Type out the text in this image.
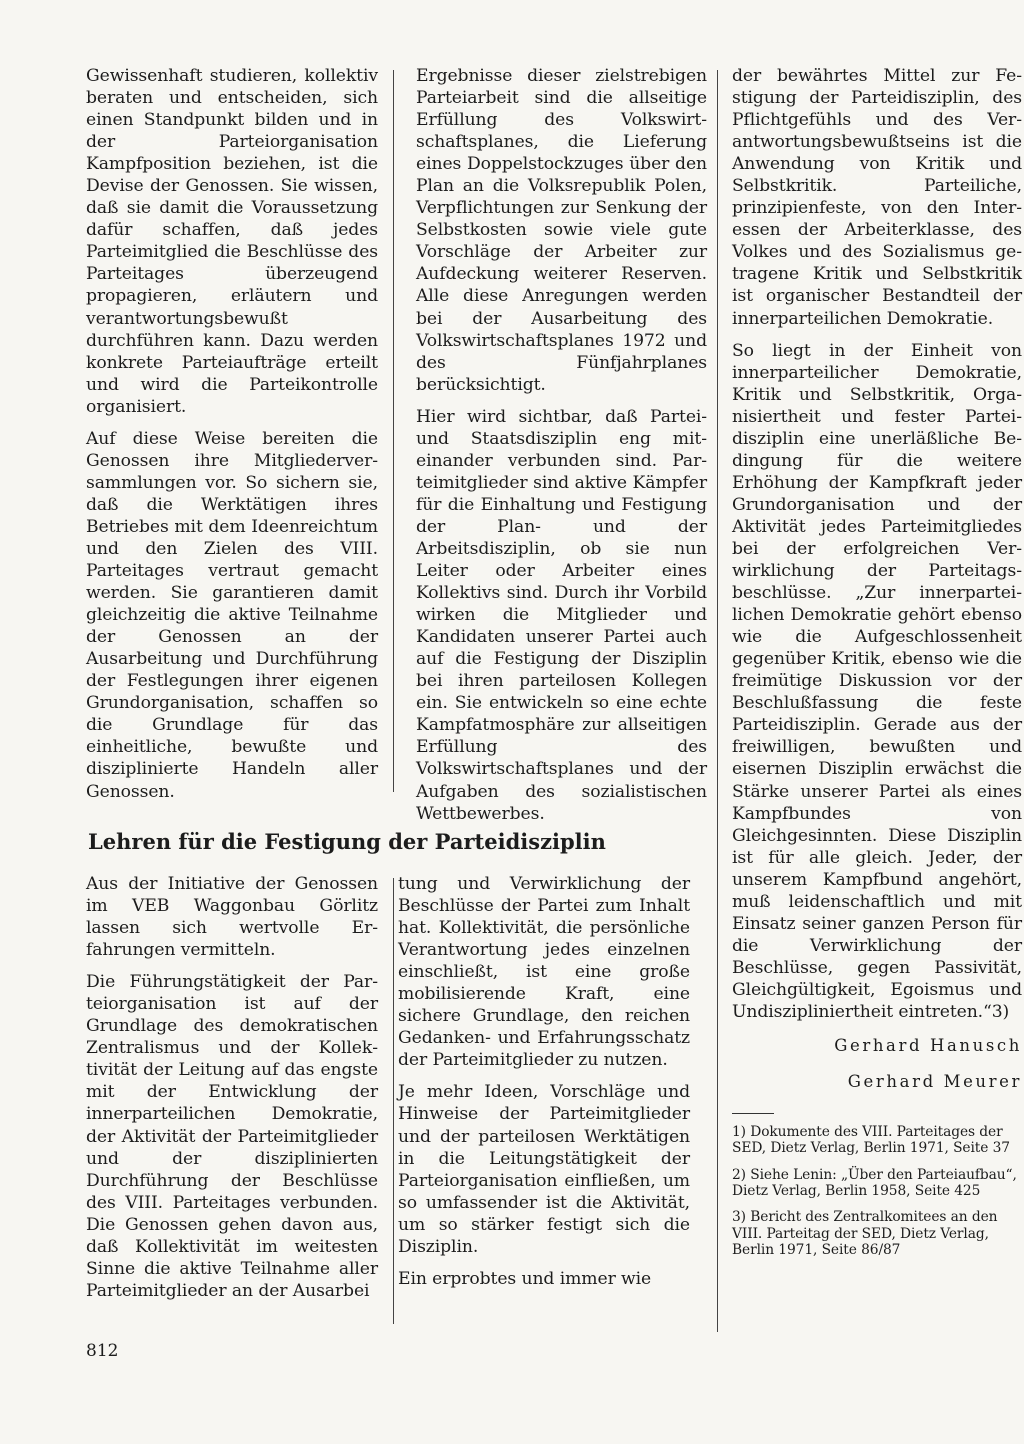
Gewissenhaft studieren, kollektiv beraten und entscheiden, sich einen Standpunkt bilden und in der Parteiorganisation Kampfposition beziehen, ist die Devise der Genossen. Sie wissen, daß sie damit die Voraussetzung dafür schaffen, daß jedes Parteimitglied die Beschlüsse des Parteitages überzeugend propagieren, erläutern und verantwortungsbewußt durchführen kann. Dazu werden konkrete Parteiaufträge erteilt und wird die Parteikontrolle organisiert.

Auf diese Weise bereiten die Genossen ihre Mitgliederversammlungen vor. So sichern sie, daß die Werktätigen ihres Betriebes mit dem Ideenreichtum und den Zielen des VIII. Parteitages vertraut gemacht werden. Sie garantieren damit gleichzeitig die aktive Teilnahme der Genossen an der Ausarbeitung und Durchführung der Festlegungen ihrer eigenen Grundorganisation, schaffen so die Grundlage für das einheitliche, bewußte und disziplinierte Handeln aller Genossen.

Ergebnisse dieser zielstrebigen Parteiarbeit sind die allseitige Erfüllung des Volkswirtschaftsplanes, die Lieferung eines Doppelstockzuges über den Plan an die Volksrepublik Polen, Verpflichtungen zur Senkung der Selbstkosten sowie viele gute Vorschläge der Arbeiter zur Aufdeckung weiterer Reserven. Alle diese Anregungen werden bei der Ausarbeitung des Volkswirtschaftsplanes 1972 und des Fünfjahrplanes berücksichtigt.

Hier wird sichtbar, daß Partei- und Staatsdisziplin eng miteinander verbunden sind. Parteimitglieder sind aktive Kämpfer für die Einhaltung und Festigung der Plan- und der Arbeitsdisziplin, ob sie nun Leiter oder Arbeiter eines Kollektivs sind. Durch ihr Vorbild wirken die Mitglieder und Kandidaten unserer Partei auch auf die Festigung der Disziplin bei ihren parteilosen Kollegen ein. Sie entwickeln so eine echte Kampfatmosphäre zur allseitigen Erfüllung des Volkswirtschaftsplanes und der Aufgaben des sozialistischen Wettbewerbes.

Lehren für die Festigung der Parteidisziplin

Aus der Initiative der Genossen im VEB Waggonbau Görlitz lassen sich wertvolle Erfahrungen vermitteln.

Die Führungstätigkeit der Parteiorganisation ist auf der Grundlage des demokratischen Zentralismus und der Kollektivität der Leitung auf das engste mit der Entwicklung der innerparteilichen Demokratie, der Aktivität der Parteimitglieder und der disziplinierten Durchführung der Beschlüsse des VIII. Parteitages verbunden. Die Genossen gehen davon aus, daß Kollektivität im weitesten Sinne die aktive Teilnahme aller Parteimitglieder an der Ausarbei

tung und Verwirklichung der Beschlüsse der Partei zum Inhalt hat. Kollektivität, die persönliche Verantwortung jedes einzelnen einschließt, ist eine große mobilisierende Kraft, eine sichere Grundlage, den reichen Gedanken- und Erfahrungsschatz der Parteimitglieder zu nutzen.

Je mehr Ideen, Vorschläge und Hinweise der Parteimitglieder und der parteilosen Werktätigen in die Leitungstätigkeit der Parteiorganisation einfließen, um so umfassender ist die Aktivität, um so stärker festigt sich die Disziplin.

Ein erprobtes und immer wie

der bewährtes Mittel zur Festigung der Parteidisziplin, des Pflichtgefühls und des Verantwortungsbewußtseins ist die Anwendung von Kritik und Selbstkritik. Parteiliche, prinzipienfeste, von den Interessen der Arbeiterklasse, des Volkes und des Sozialismus getragene Kritik und Selbstkritik ist organischer Bestandteil der innerparteilichen Demokratie.

So liegt in der Einheit von innerparteilicher Demokratie, Kritik und Selbstkritik, Organisiertheit und fester Parteidisziplin eine unerläßliche Bedingung für die weitere Erhöhung der Kampfkraft jeder Grundorganisation und der Aktivität jedes Parteimitgliedes bei der erfolgreichen Verwirklichung der Parteitagsbeschlüsse. „Zur innerparteilichen Demokratie gehört ebenso wie die Aufgeschlossenheit gegenüber Kritik, ebenso wie die freimütige Diskussion vor der Beschlußfassung die feste Parteidisziplin. Gerade aus der freiwilligen, bewußten und eisernen Disziplin erwächst die Stärke unserer Partei als eines Kampfbundes von Gleichgesinnten. Diese Disziplin ist für alle gleich. Jeder, der unserem Kampfbund angehört, muß leidenschaftlich und mit Einsatz seiner ganzen Person für die Verwirklichung der Beschlüsse, gegen Passivität, Gleichgültigkeit, Egoismus und Undiszipliniertheit eintreten.“3)

Gerhard Hanusch

Gerhard Meurer

1) Dokumente des VIII. Parteitages der SED, Dietz Verlag, Berlin 1971, Seite 37

2) Siehe Lenin: „Über den Parteiaufbau“, Dietz Verlag, Berlin 1958, Seite 425

3) Bericht des Zentralkomitees an den VIII. Parteitag der SED, Dietz Verlag, Berlin 1971, Seite 86/87

812
